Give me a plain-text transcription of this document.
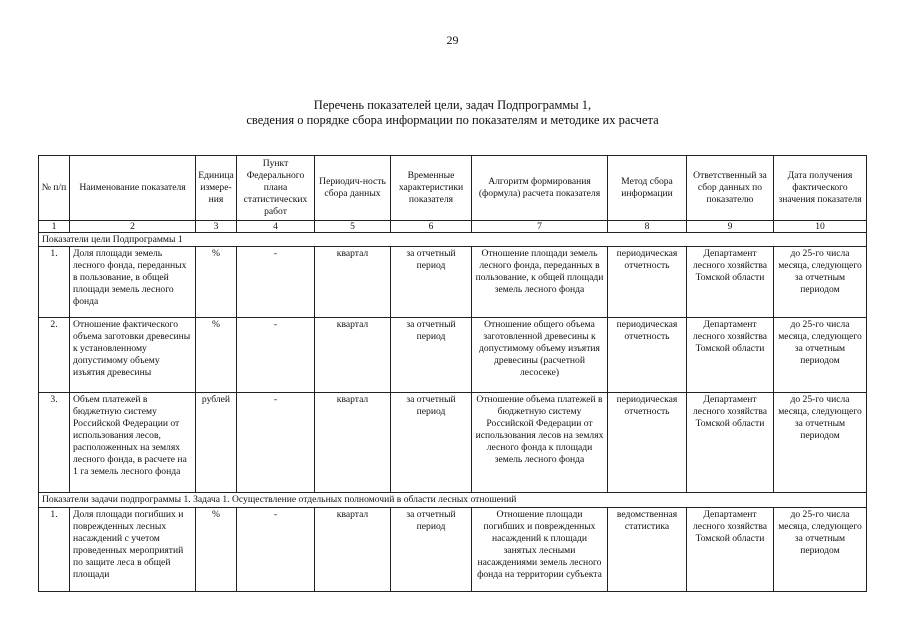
29
Перечень показателей цели, задач Подпрограммы 1,
сведения о порядке сбора информации по показателям и методике их расчета
№ п/п	Наименование показателя	Единица измере-ния	Пункт Федерального плана статистических работ	Периодич-ность сбора данных	Временные характеристики показателя	Алгоритм формирования (формула) расчета показателя	Метод сбора информации	Ответственный за сбор данных по показателю	Дата получения фактического значения показателя
1	2	3	4	5	6	7	8	9	10
Показатели цели Подпрограммы 1									
1.	Доля площади земель лесного фонда, переданных в пользование, в общей площади земель лесного фонда	%	-	квартал	за отчетный период	Отношение площади земель лесного фонда, переданных в пользование, к общей площади земель лесного фонда	периодическая отчетность	Департамент лесного хозяйства Томской области	до 25-го числа месяца, следующего за отчетным периодом
2.	Отношение фактического объема заготовки древесины к установленному допустимому объему изъятия древесины	%	-	квартал	за отчетный период	Отношение общего объема заготовленной древесины к допустимому объему изъятия древесины (расчетной лесосеке)	периодическая отчетность	Департамент лесного хозяйства Томской области	до 25-го числа месяца, следующего за отчетным периодом
3.	Объем платежей в бюджетную систему Российской Федерации от использования лесов, расположенных на землях лесного фонда, в расчете на 1 га земель лесного фонда	рублей	-	квартал	за отчетный период	Отношение объема платежей в бюджетную систему Российской Федерации от использования лесов на землях лесного фонда к площади земель лесного фонда	периодическая отчетность	Департамент лесного хозяйства Томской области	до 25-го числа месяца, следующего за отчетным периодом
Показатели задачи подпрограммы 1. Задача 1. Осуществление отдельных полномочий в области лесных отношений									
1.	Доля площади погибших и поврежденных лесных насаждений с учетом проведенных мероприятий по защите леса в общей площади	%	-	квартал	за отчетный период	Отношение площади погибших и поврежденных насаждений к площади занятых лесными насаждениями земель лесного фонда на территории субъекта	ведомственная статистика	Департамент лесного хозяйства Томской области	до 25-го числа месяца, следующего за отчетным периодом
